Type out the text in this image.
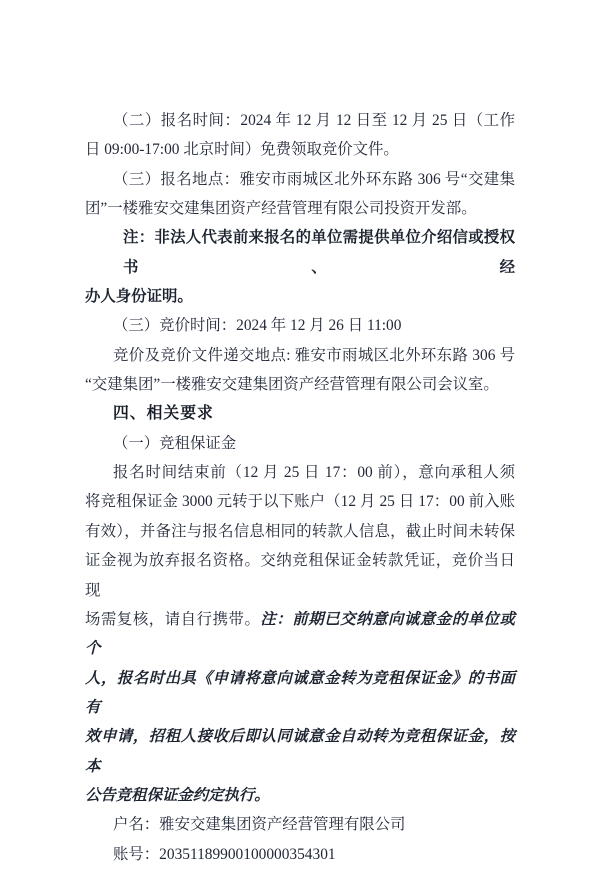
（二）报名时间：2024 年 12 月 12 日至 12 月 25 日（工作
日 09:00-17:00 北京时间）免费领取竞价文件。
（三）报名地点：雅安市雨城区北外环东路 306 号“交建集
团”一楼雅安交建集团资产经营管理有限公司投资开发部。
注：非法人代表前来报名的单位需提供单位介绍信或授权书、经
办人身份证明。
（三）竞价时间：2024 年 12 月 26 日 11:00
竞价及竞价文件递交地点: 雅安市雨城区北外环东路 306 号
“交建集团”一楼雅安交建集团资产经营管理有限公司会议室。
四、相关要求
（一）竞租保证金
报名时间结束前（12 月 25 日 17：00 前），意向承租人须
将竞租保证金 3000 元转于以下账户（12 月 25 日 17：00 前入账
有效），并备注与报名信息相同的转款人信息，截止时间未转保
证金视为放弃报名资格。交纳竞租保证金转款凭证，竞价当日现
场需复核，请自行携带。注：前期已交纳意向诚意金的单位或个
人，报名时出具《申请将意向诚意金转为竞租保证金》的书面有
效申请，招租人接收后即认同诚意金自动转为竞租保证金，按本
公告竞租保证金约定执行。
户名：雅安交建集团资产经营管理有限公司
账号：20351189900100000354301
